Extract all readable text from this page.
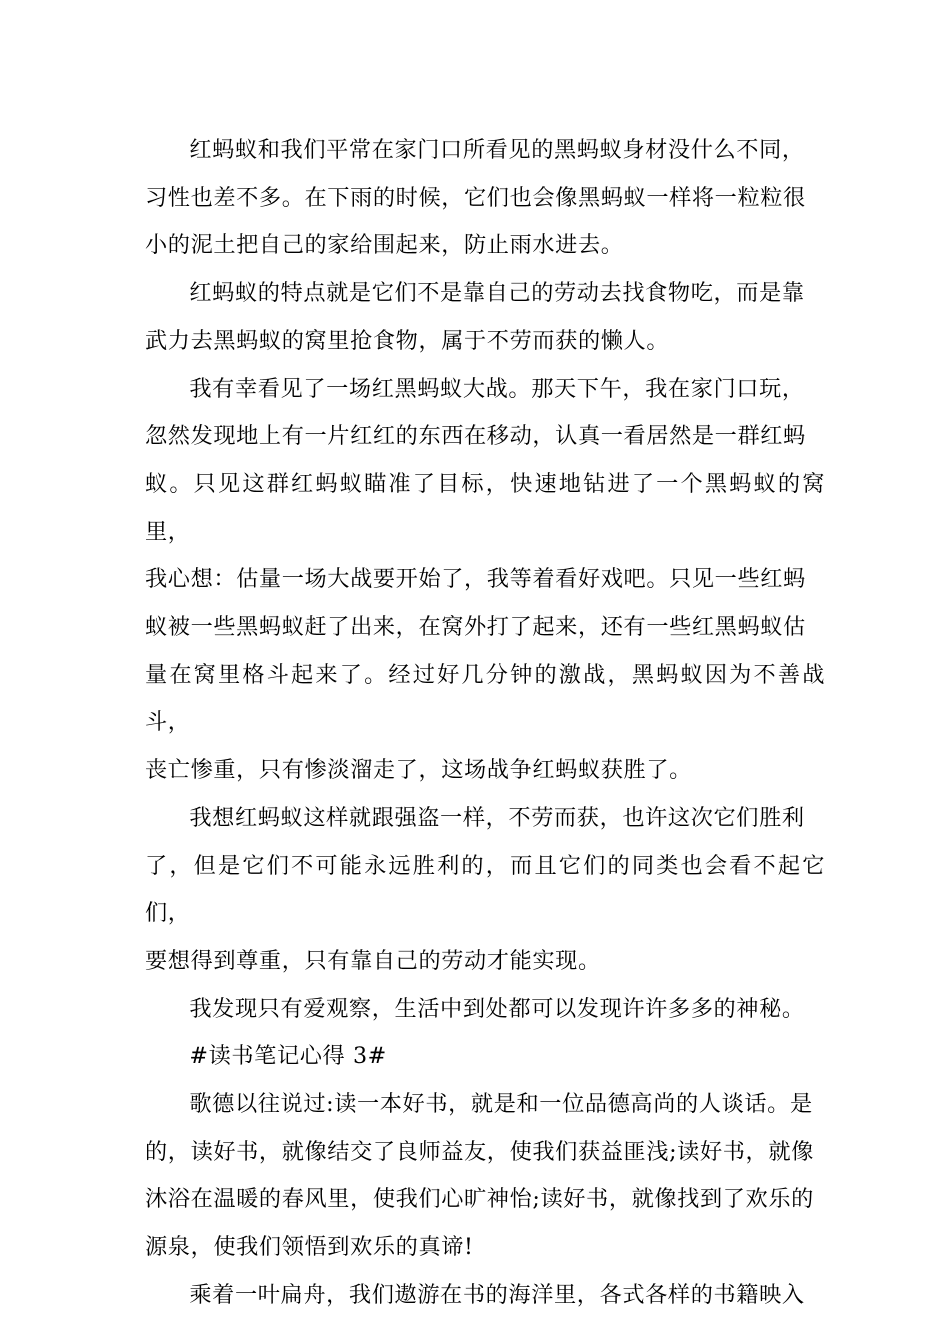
红蚂蚁和我们平常在家门口所看见的黑蚂蚁身材没什么不同，
习性也差不多。在下雨的时候，它们也会像黑蚂蚁一样将一粒粒很
小的泥土把自己的家给围起来，防止雨水进去。

红蚂蚁的特点就是它们不是靠自己的劳动去找食物吃，而是靠
武力去黑蚂蚁的窝里抢食物，属于不劳而获的懒人。

我有幸看见了一场红黑蚂蚁大战。那天下午，我在家门口玩，
忽然发现地上有一片红红的东西在移动，认真一看居然是一群红蚂
蚁。只见这群红蚂蚁瞄准了目标，快速地钻进了一个黑蚂蚁的窝里，
我心想：估量一场大战要开始了，我等着看好戏吧。只见一些红蚂
蚁被一些黑蚂蚁赶了出来，在窝外打了起来，还有一些红黑蚂蚁估
量在窝里格斗起来了。经过好几分钟的激战，黑蚂蚁因为不善战斗，
丧亡惨重，只有惨淡溜走了，这场战争红蚂蚁获胜了。

我想红蚂蚁这样就跟强盗一样，不劳而获，也许这次它们胜利
了，但是它们不可能永远胜利的，而且它们的同类也会看不起它们，
要想得到尊重，只有靠自己的劳动才能实现。

我发现只有爱观察，生活中到处都可以发现许许多多的神秘。

#读书笔记心得 3#

歌德以往说过:读一本好书，就是和一位品德高尚的人谈话。是
的，读好书，就像结交了良师益友，使我们获益匪浅;读好书，就像
沐浴在温暖的春风里，使我们心旷神怡;读好书，就像找到了欢乐的
源泉，使我们领悟到欢乐的真谛!

乘着一叶扁舟，我们遨游在书的海洋里，各式各样的书籍映入
